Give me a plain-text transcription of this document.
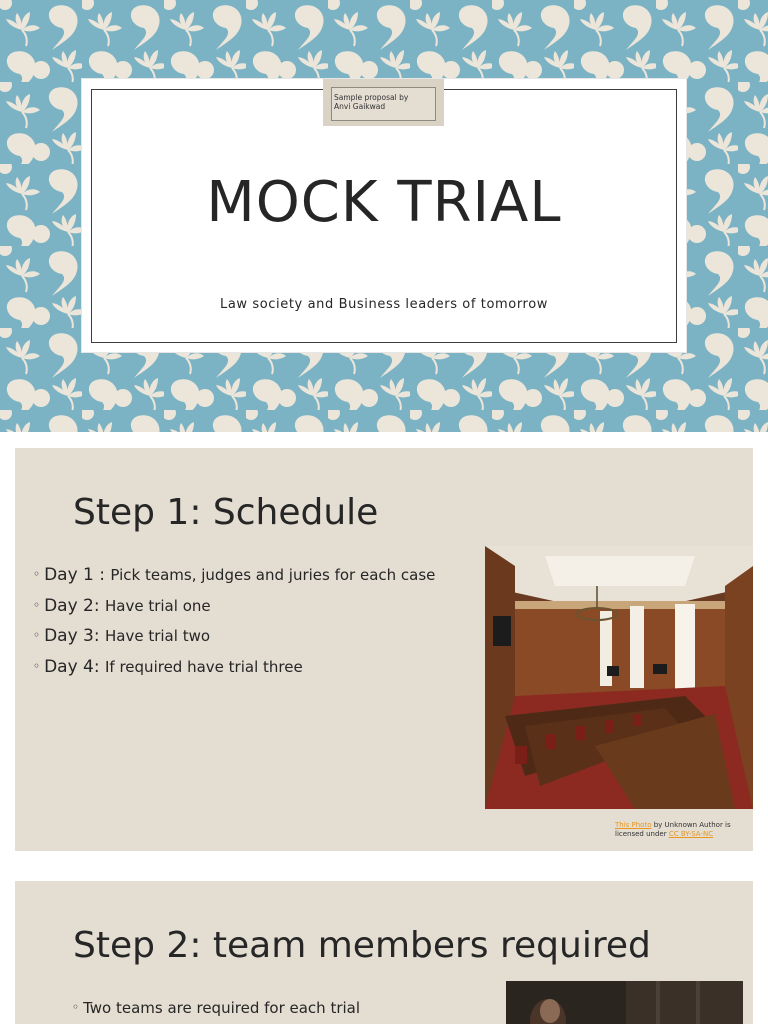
Sample proposal by
Anvi Gaikwad
MOCK TRIAL
Law society and Business leaders of tomorrow
Step 1: Schedule
◦ Day 1 : Pick teams, judges and juries for each case
◦ Day 2: Have trial one
◦ Day 3: Have trial two
◦ Day 4: If required have trial three
This Photo by Unknown Author is licensed under CC BY-SA-NC
Step 2: team members required
◦ Two teams are required for each trial
